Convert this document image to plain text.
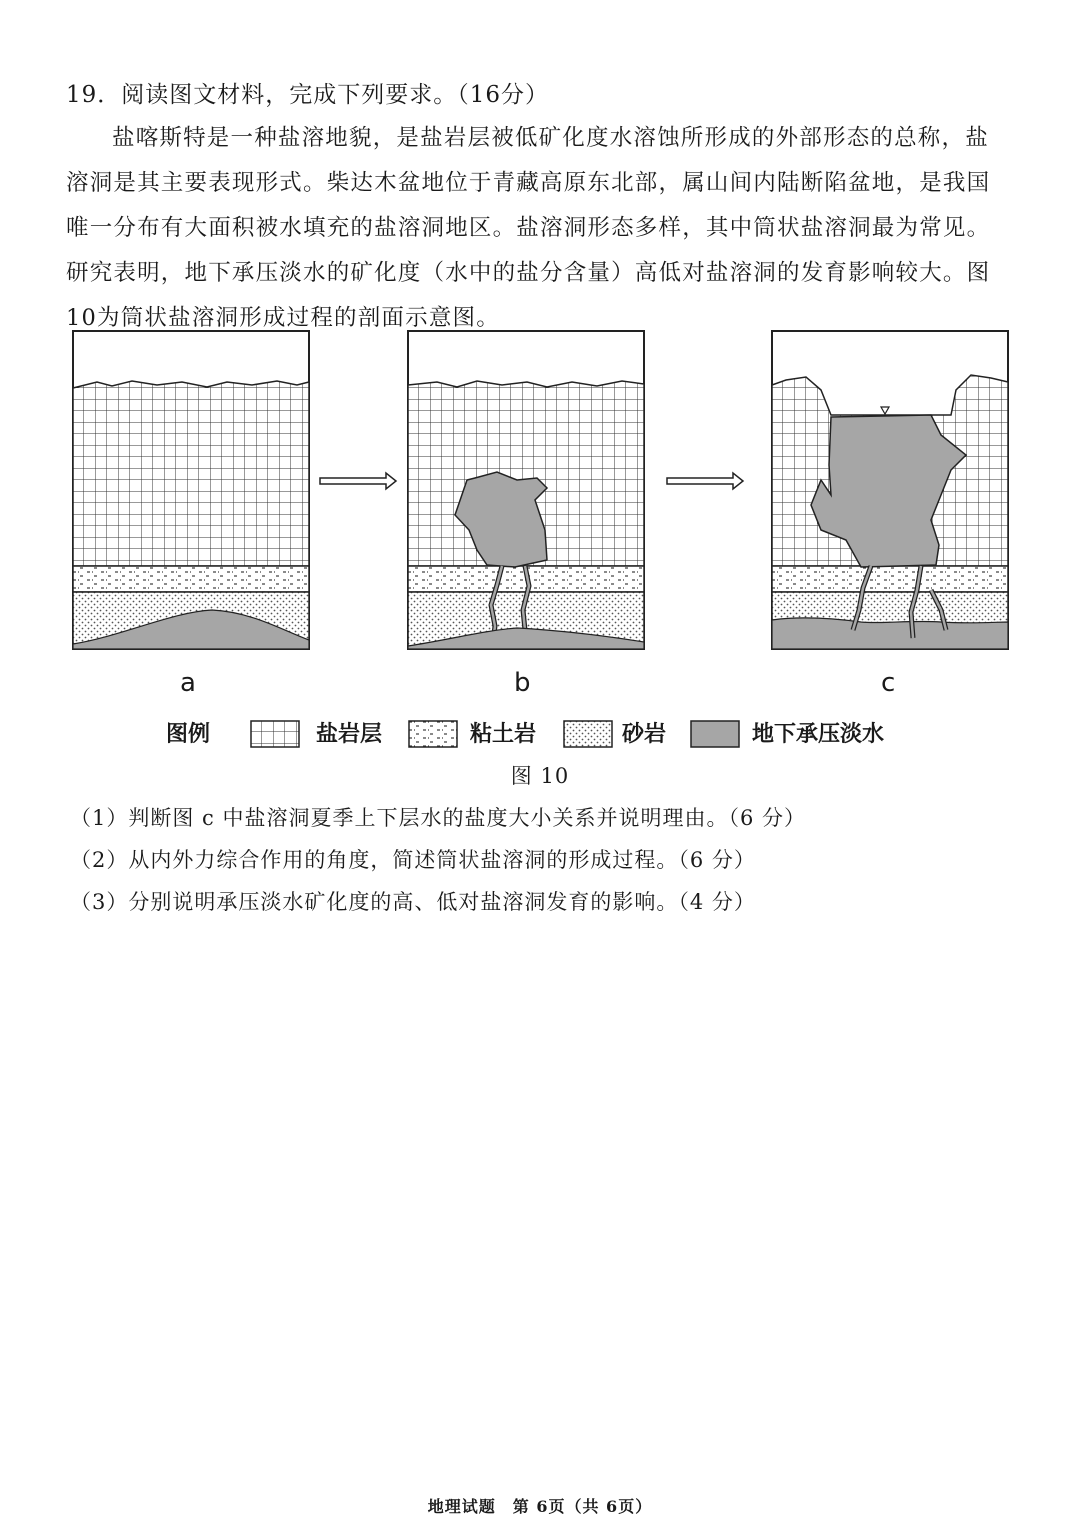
19．阅读图文材料，完成下列要求。（16分）
盐喀斯特是一种盐溶地貌，是盐岩层被低矿化度水溶蚀所形成的外部形态的总称，盐
溶洞是其主要表现形式。柴达木盆地位于青藏高原东北部，属山间内陆断陷盆地，是我国
唯一分布有大面积被水填充的盐溶洞地区。盐溶洞形态多样，其中筒状盐溶洞最为常见。
研究表明，地下承压淡水的矿化度（水中的盐分含量）高低对盐溶洞的发育影响较大。图
10为筒状盐溶洞形成过程的剖面示意图。
a	b	c
图例	盐岩层	粘土岩	砂岩	地下承压淡水
图 10
（1）判断图 c 中盐溶洞夏季上下层水的盐度大小关系并说明理由。（6 分）
（2）从内外力综合作用的角度，简述筒状盐溶洞的形成过程。（6 分）
（3）分别说明承压淡水矿化度的高、低对盐溶洞发育的影响。（4 分）
地理试题　第 6页（共 6页）
